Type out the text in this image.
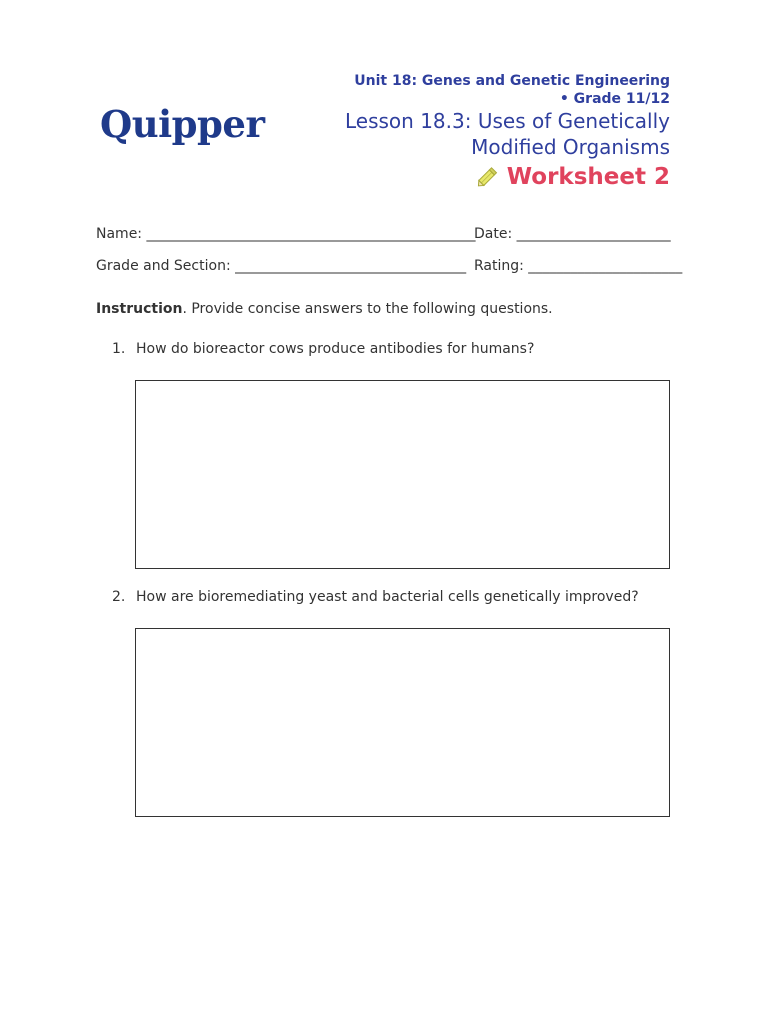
Quipper
Unit 18: Genes and Genetic Engineering
• Grade 11/12
Lesson 18.3: Uses of Genetically
Modified Organisms
Worksheet 2
Name: _______________________________________________
Date: ______________________
Grade and Section: _________________________________ Rating: ______________________
Instruction. Provide concise answers to the following questions.
1. How do bioreactor cows produce antibodies for humans?
2. How are bioremediating yeast and bacterial cells genetically improved?
